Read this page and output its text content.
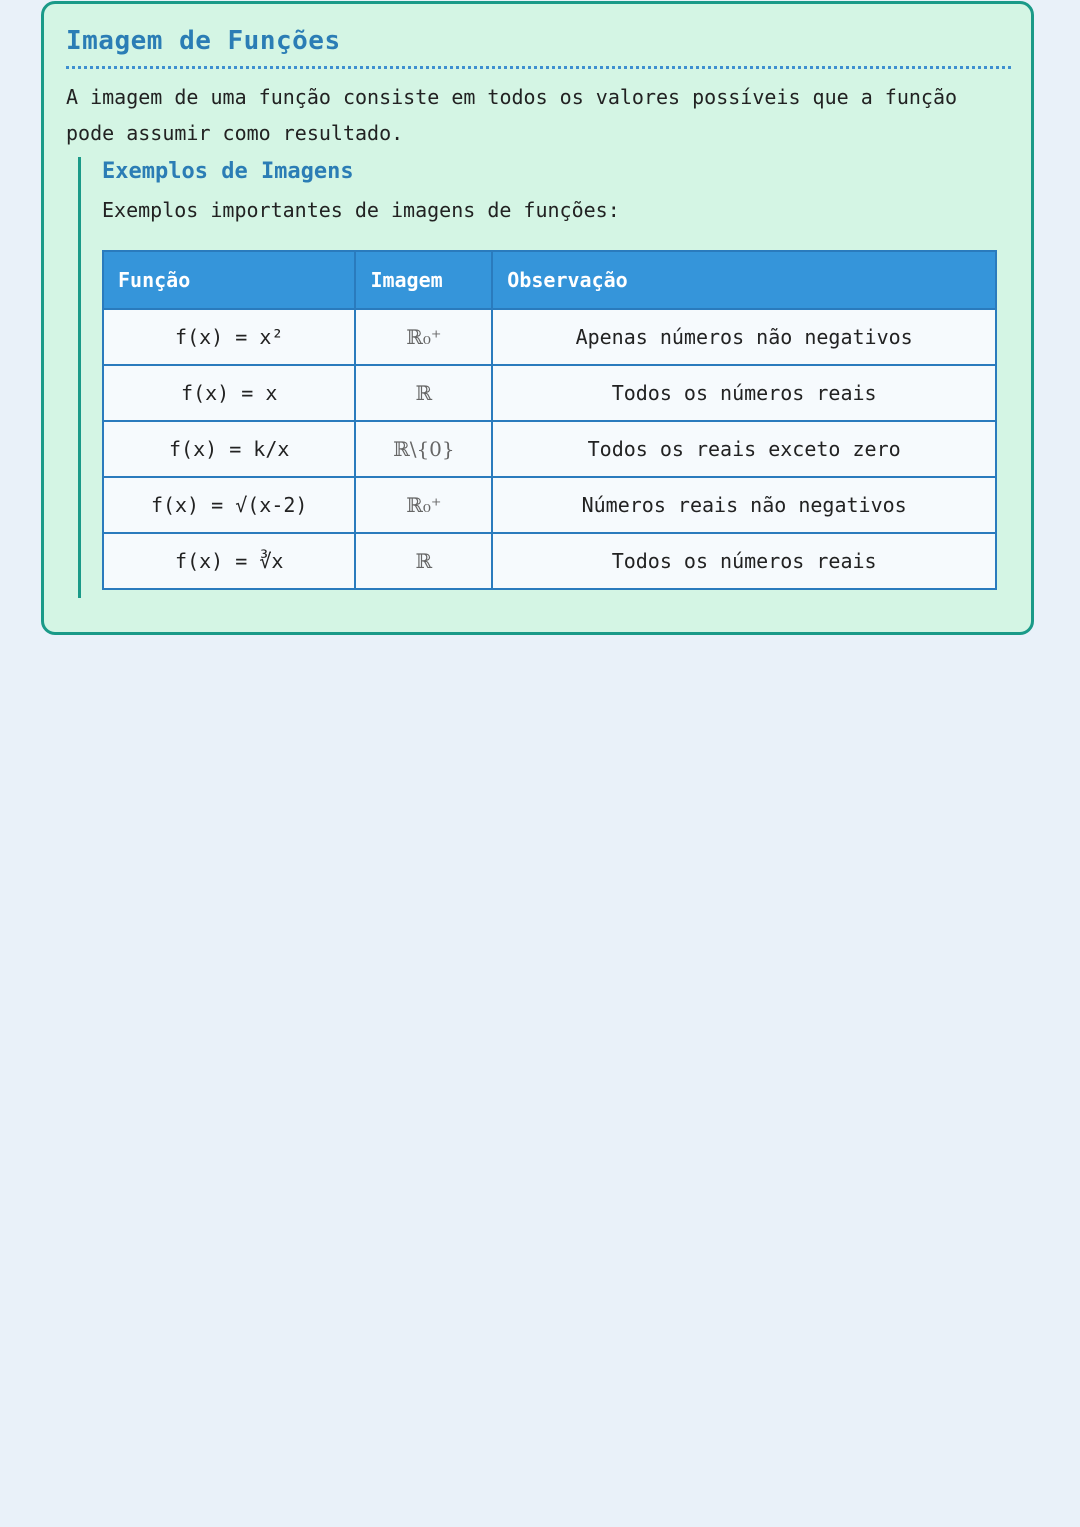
Imagem de Funções
A imagem de uma função consiste em todos os valores possíveis que a função pode assumir como resultado.
Exemplos de Imagens
Exemplos importantes de imagens de funções:
Função	Imagem	Observação
f(x) = x²	ℝ₀⁺	Apenas números não negativos
f(x) = x	ℝ	Todos os números reais
f(x) = k/x	ℝ\{0}	Todos os reais exceto zero
f(x) = √(x-2)	ℝ₀⁺	Números reais não negativos
f(x) = ∛x	ℝ	Todos os números reais
